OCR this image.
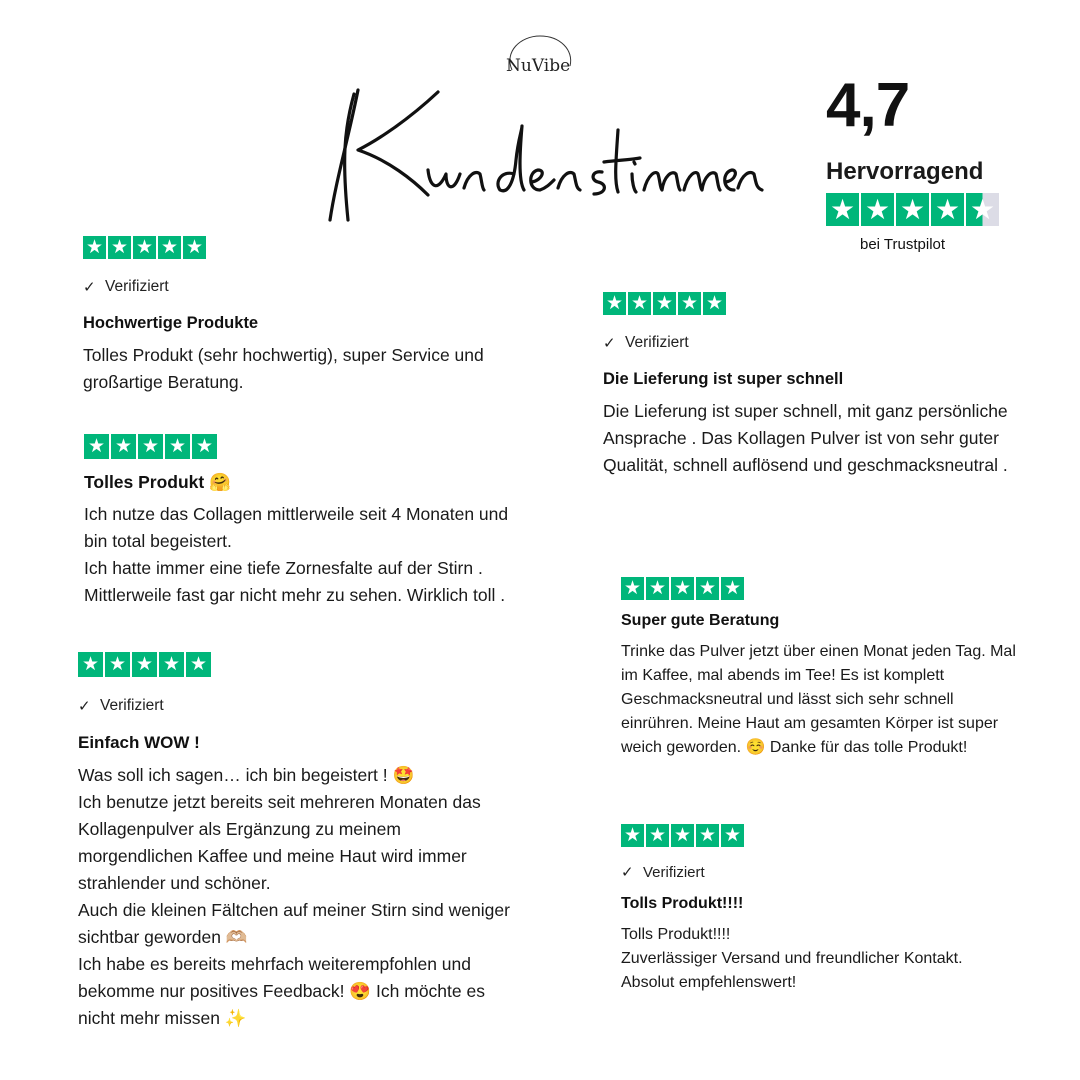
NuVibe
4,7
Hervorragend
★ ★ ★ ★ ★
bei Trustpilot
★ ★ ★ ★ ★
✓ Verifiziert
Hochwertige Produkte
Tolles Produkt (sehr hochwertig), super Service und
großartige Beratung.
★ ★ ★ ★ ★
Tolles Produkt 🤗
Ich nutze das Collagen mittlerweile seit 4 Monaten und
bin total begeistert.
Ich hatte immer eine tiefe Zornesfalte auf der Stirn .
Mittlerweile fast gar nicht mehr zu sehen. Wirklich toll .
★ ★ ★ ★ ★
✓ Verifiziert
Einfach WOW !
Was soll ich sagen… ich bin begeistert ! 🤩
Ich benutze jetzt bereits seit mehreren Monaten das
Kollagenpulver als Ergänzung zu meinem
morgendlichen Kaffee und meine Haut wird immer
strahlender und schöner.
Auch die kleinen Fältchen auf meiner Stirn sind weniger
sichtbar geworden 🫶🏼
Ich habe es bereits mehrfach weiterempfohlen und
bekomme nur positives Feedback! 😍 Ich möchte es
nicht mehr missen ✨
★ ★ ★ ★ ★
✓ Verifiziert
Die Lieferung ist super schnell
Die Lieferung ist super schnell, mit ganz persönliche
Ansprache . Das Kollagen Pulver ist von sehr guter
Qualität, schnell auflösend und geschmacksneutral .
★ ★ ★ ★ ★
Super gute Beratung
Trinke das Pulver jetzt über einen Monat jeden Tag. Mal
im Kaffee, mal abends im Tee! Es ist komplett
Geschmacksneutral und lässt sich sehr schnell
einrühren. Meine Haut am gesamten Körper ist super
weich geworden. ☺️ Danke für das tolle Produkt!
★ ★ ★ ★ ★
✓ Verifiziert
Tolls Produkt!!!!
Tolls Produkt!!!!
Zuverlässiger Versand und freundlicher Kontakt.
Absolut empfehlenswert!
